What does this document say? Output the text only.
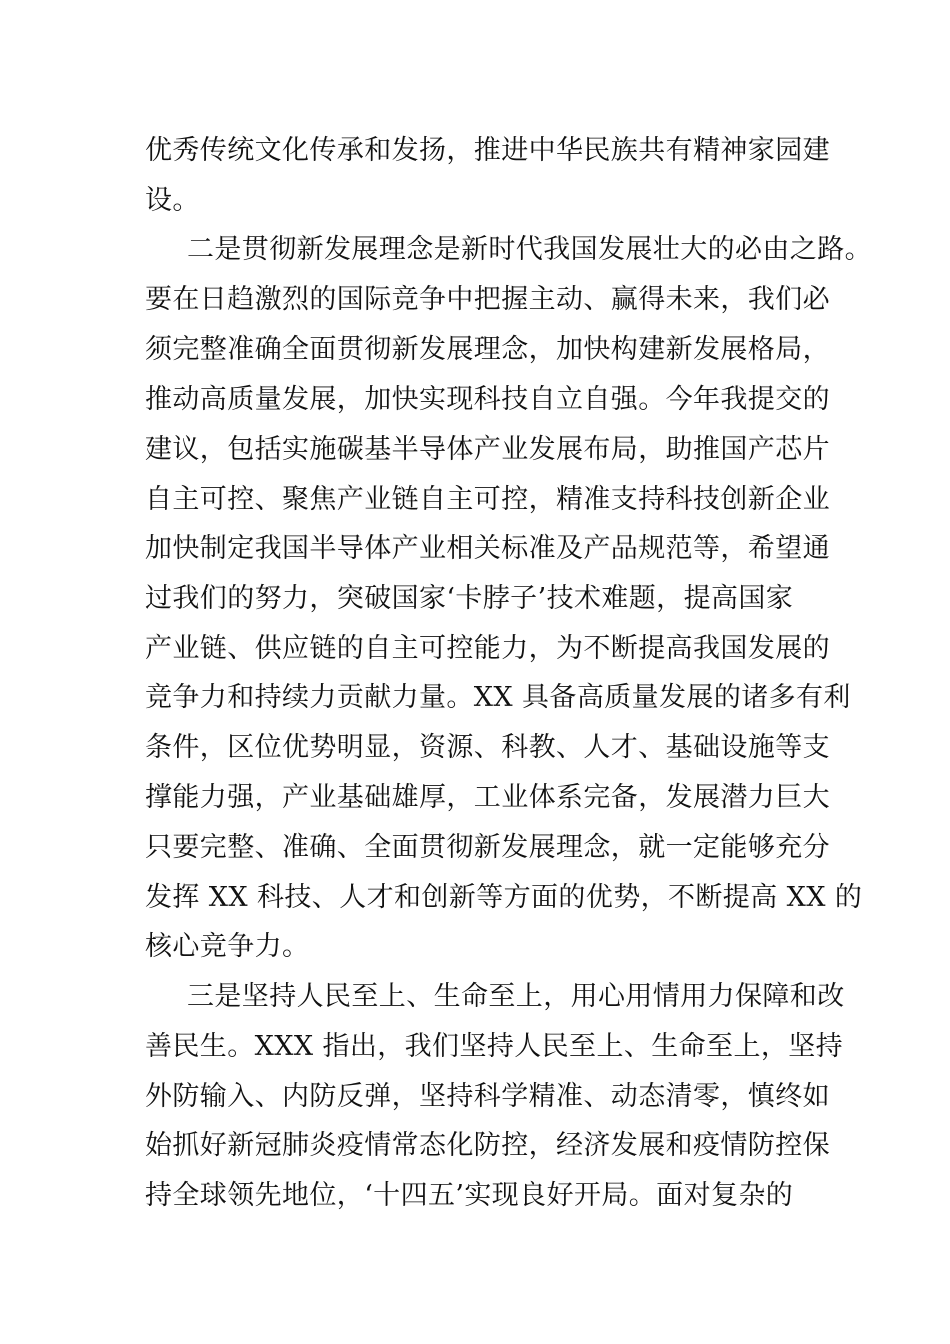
优秀传统文化传承和发扬，推进中华民族共有精神家园建
设。
二是贯彻新发展理念是新时代我国发展壮大的必由之路。
要在日趋激烈的国际竞争中把握主动、赢得未来，我们必
须完整准确全面贯彻新发展理念，加快构建新发展格局，
推动高质量发展，加快实现科技自立自强。今年我提交的
建议，包括实施碳基半导体产业发展布局，助推国产芯片
自主可控、聚焦产业链自主可控，精准支持科技创新企业
加快制定我国半导体产业相关标准及产品规范等，希望通
过我们的努力，突破国家‘卡脖子’技术难题，提高国家
产业链、供应链的自主可控能力，为不断提高我国发展的
竞争力和持续力贡献力量。XX 具备高质量发展的诸多有利
条件，区位优势明显，资源、科教、人才、基础设施等支
撑能力强，产业基础雄厚，工业体系完备，发展潜力巨大
只要完整、准确、全面贯彻新发展理念，就一定能够充分
发挥 XX 科技、人才和创新等方面的优势，不断提高 XX 的
核心竞争力。
三是坚持人民至上、生命至上，用心用情用力保障和改
善民生。XXX 指出，我们坚持人民至上、生命至上，坚持
外防输入、内防反弹，坚持科学精准、动态清零，慎终如
始抓好新冠肺炎疫情常态化防控，经济发展和疫情防控保
持全球领先地位，‘十四五’实现良好开局。面对复杂的
